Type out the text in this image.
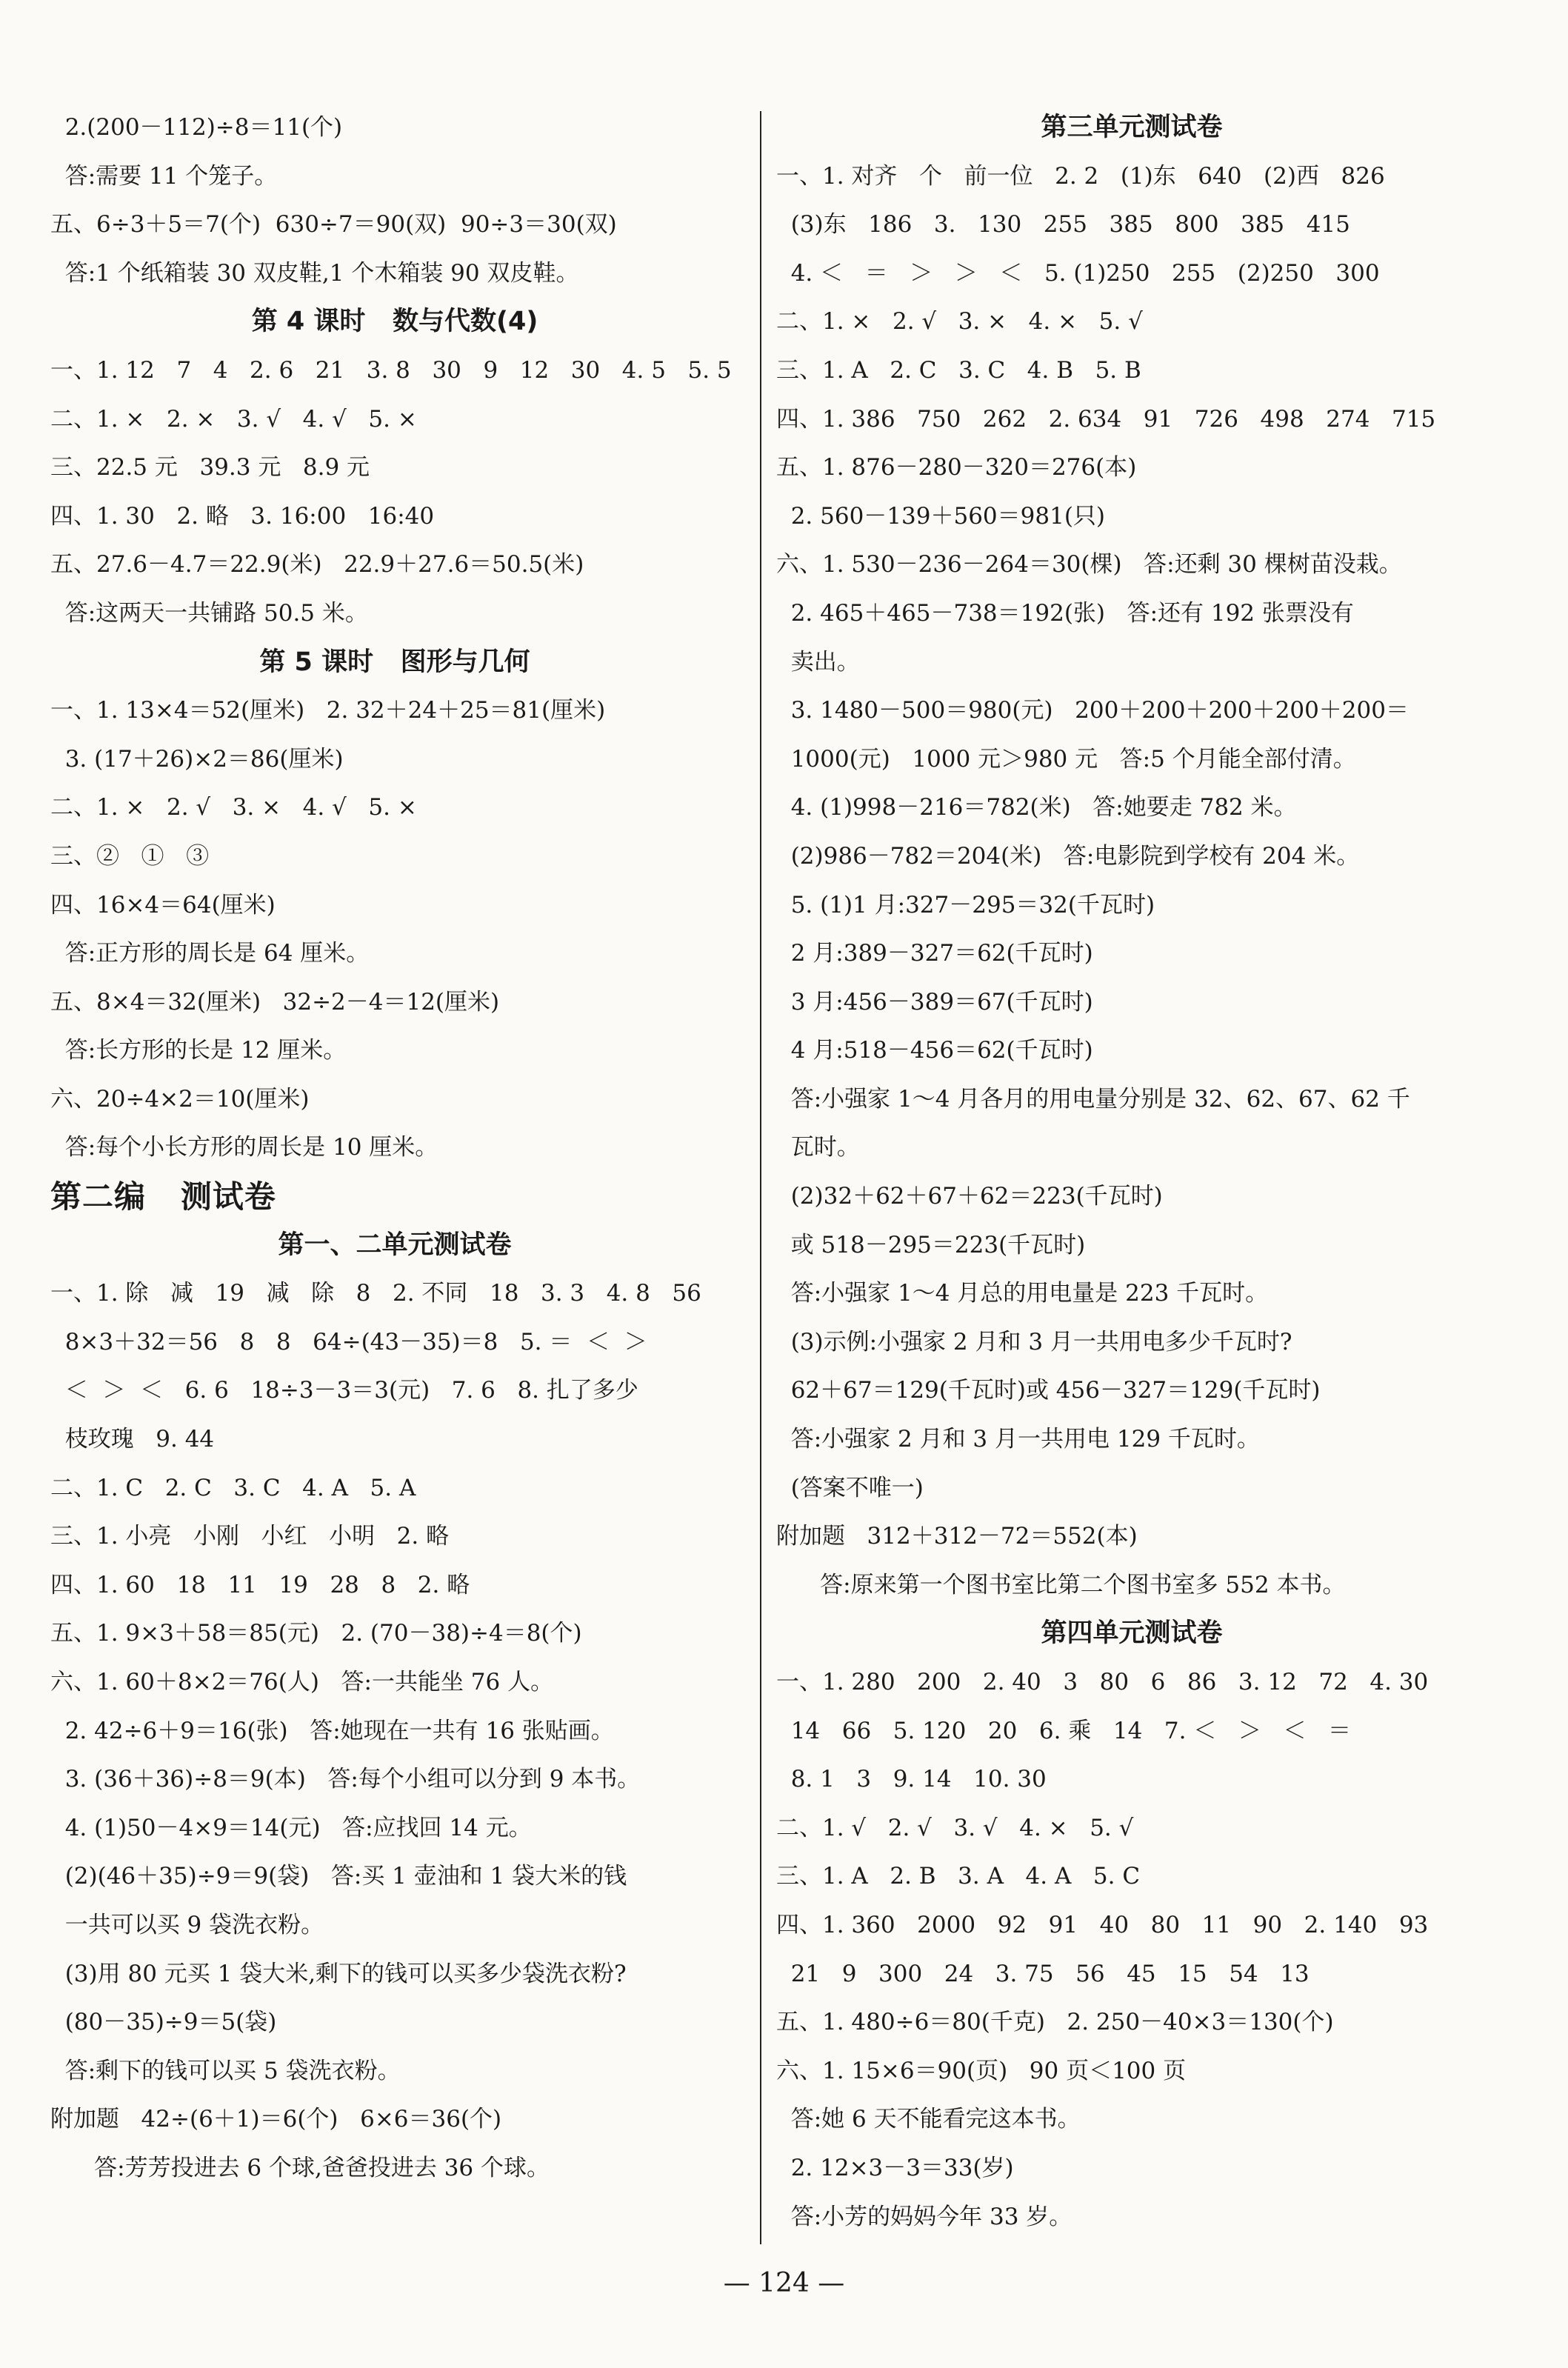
2.(200－112)÷8＝11(个)
答:需要 11 个笼子。
五、6÷3＋5＝7(个)  630÷7＝90(双)  90÷3＝30(双)
答:1 个纸箱装 30 双皮鞋,1 个木箱装 90 双皮鞋。
第 4 课时   数与代数(4)
一、1. 12   7   4   2. 6   21   3. 8   30   9   12   30   4. 5   5. 5
二、1. ×   2. ×   3. √   4. √   5. ×
三、22.5 元   39.3 元   8.9 元
四、1. 30   2. 略   3. 16:00   16:40
五、27.6－4.7＝22.9(米)   22.9＋27.6＝50.5(米)
答:这两天一共铺路 50.5 米。
第 5 课时   图形与几何
一、1. 13×4＝52(厘米)   2. 32＋24＋25＝81(厘米)
3. (17＋26)×2＝86(厘米)
二、1. ×   2. √   3. ×   4. √   5. ×
三、②   ①   ③
四、16×4＝64(厘米)
答:正方形的周长是 64 厘米。
五、8×4＝32(厘米)   32÷2－4＝12(厘米)
答:长方形的长是 12 厘米。
六、20÷4×2＝10(厘米)
答:每个小长方形的周长是 10 厘米。
第二编   测试卷
第一、二单元测试卷
一、1. 除   减   19   减   除   8   2. 不同   18   3. 3   4. 8   56
8×3＋32＝56   8   8   64÷(43－35)＝8   5. ＝  ＜  ＞
＜  ＞  ＜   6. 6   18÷3－3＝3(元)   7. 6   8. 扎了多少
枝玫瑰   9. 44
二、1. C   2. C   3. C   4. A   5. A
三、1. 小亮   小刚   小红   小明   2. 略
四、1. 60   18   11   19   28   8   2. 略
五、1. 9×3＋58＝85(元)   2. (70－38)÷4＝8(个)
六、1. 60＋8×2＝76(人)   答:一共能坐 76 人。
2. 42÷6＋9＝16(张)   答:她现在一共有 16 张贴画。
3. (36＋36)÷8＝9(本)   答:每个小组可以分到 9 本书。
4. (1)50－4×9＝14(元)   答:应找回 14 元。
(2)(46＋35)÷9＝9(袋)   答:买 1 壶油和 1 袋大米的钱
一共可以买 9 袋洗衣粉。
(3)用 80 元买 1 袋大米,剩下的钱可以买多少袋洗衣粉?
(80－35)÷9＝5(袋)
答:剩下的钱可以买 5 袋洗衣粉。
附加题   42÷(6＋1)＝6(个)   6×6＝36(个)
答:芳芳投进去 6 个球,爸爸投进去 36 个球。
第三单元测试卷
一、1. 对齐   个   前一位   2. 2   (1)东   640   (2)西   826
(3)东   186   3.   130   255   385   800   385   415
4. ＜   ＝   ＞   ＞   ＜   5. (1)250   255   (2)250   300
二、1. ×   2. √   3. ×   4. ×   5. √
三、1. A   2. C   3. C   4. B   5. B
四、1. 386   750   262   2. 634   91   726   498   274   715
五、1. 876－280－320＝276(本)
2. 560－139＋560＝981(只)
六、1. 530－236－264＝30(棵)   答:还剩 30 棵树苗没栽。
2. 465＋465－738＝192(张)   答:还有 192 张票没有
卖出。
3. 1480－500＝980(元)   200＋200＋200＋200＋200＝
1000(元)   1000 元＞980 元   答:5 个月能全部付清。
4. (1)998－216＝782(米)   答:她要走 782 米。
(2)986－782＝204(米)   答:电影院到学校有 204 米。
5. (1)1 月:327－295＝32(千瓦时)
2 月:389－327＝62(千瓦时)
3 月:456－389＝67(千瓦时)
4 月:518－456＝62(千瓦时)
答:小强家 1～4 月各月的用电量分别是 32、62、67、62 千
瓦时。
(2)32＋62＋67＋62＝223(千瓦时)
或 518－295＝223(千瓦时)
答:小强家 1～4 月总的用电量是 223 千瓦时。
(3)示例:小强家 2 月和 3 月一共用电多少千瓦时?
62＋67＝129(千瓦时)或 456－327＝129(千瓦时)
答:小强家 2 月和 3 月一共用电 129 千瓦时。
(答案不唯一)
附加题   312＋312－72＝552(本)
答:原来第一个图书室比第二个图书室多 552 本书。
第四单元测试卷
一、1. 280   200   2. 40   3   80   6   86   3. 12   72   4. 30
14   66   5. 120   20   6. 乘   14   7. ＜   ＞   ＜   ＝
8. 1   3   9. 14   10. 30
二、1. √   2. √   3. √   4. ×   5. √
三、1. A   2. B   3. A   4. A   5. C
四、1. 360   2000   92   91   40   80   11   90   2. 140   93
21   9   300   24   3. 75   56   45   15   54   13
五、1. 480÷6＝80(千克)   2. 250－40×3＝130(个)
六、1. 15×6＝90(页)   90 页＜100 页
答:她 6 天不能看完这本书。
2. 12×3－3＝33(岁)
答:小芳的妈妈今年 33 岁。
— 124 —
